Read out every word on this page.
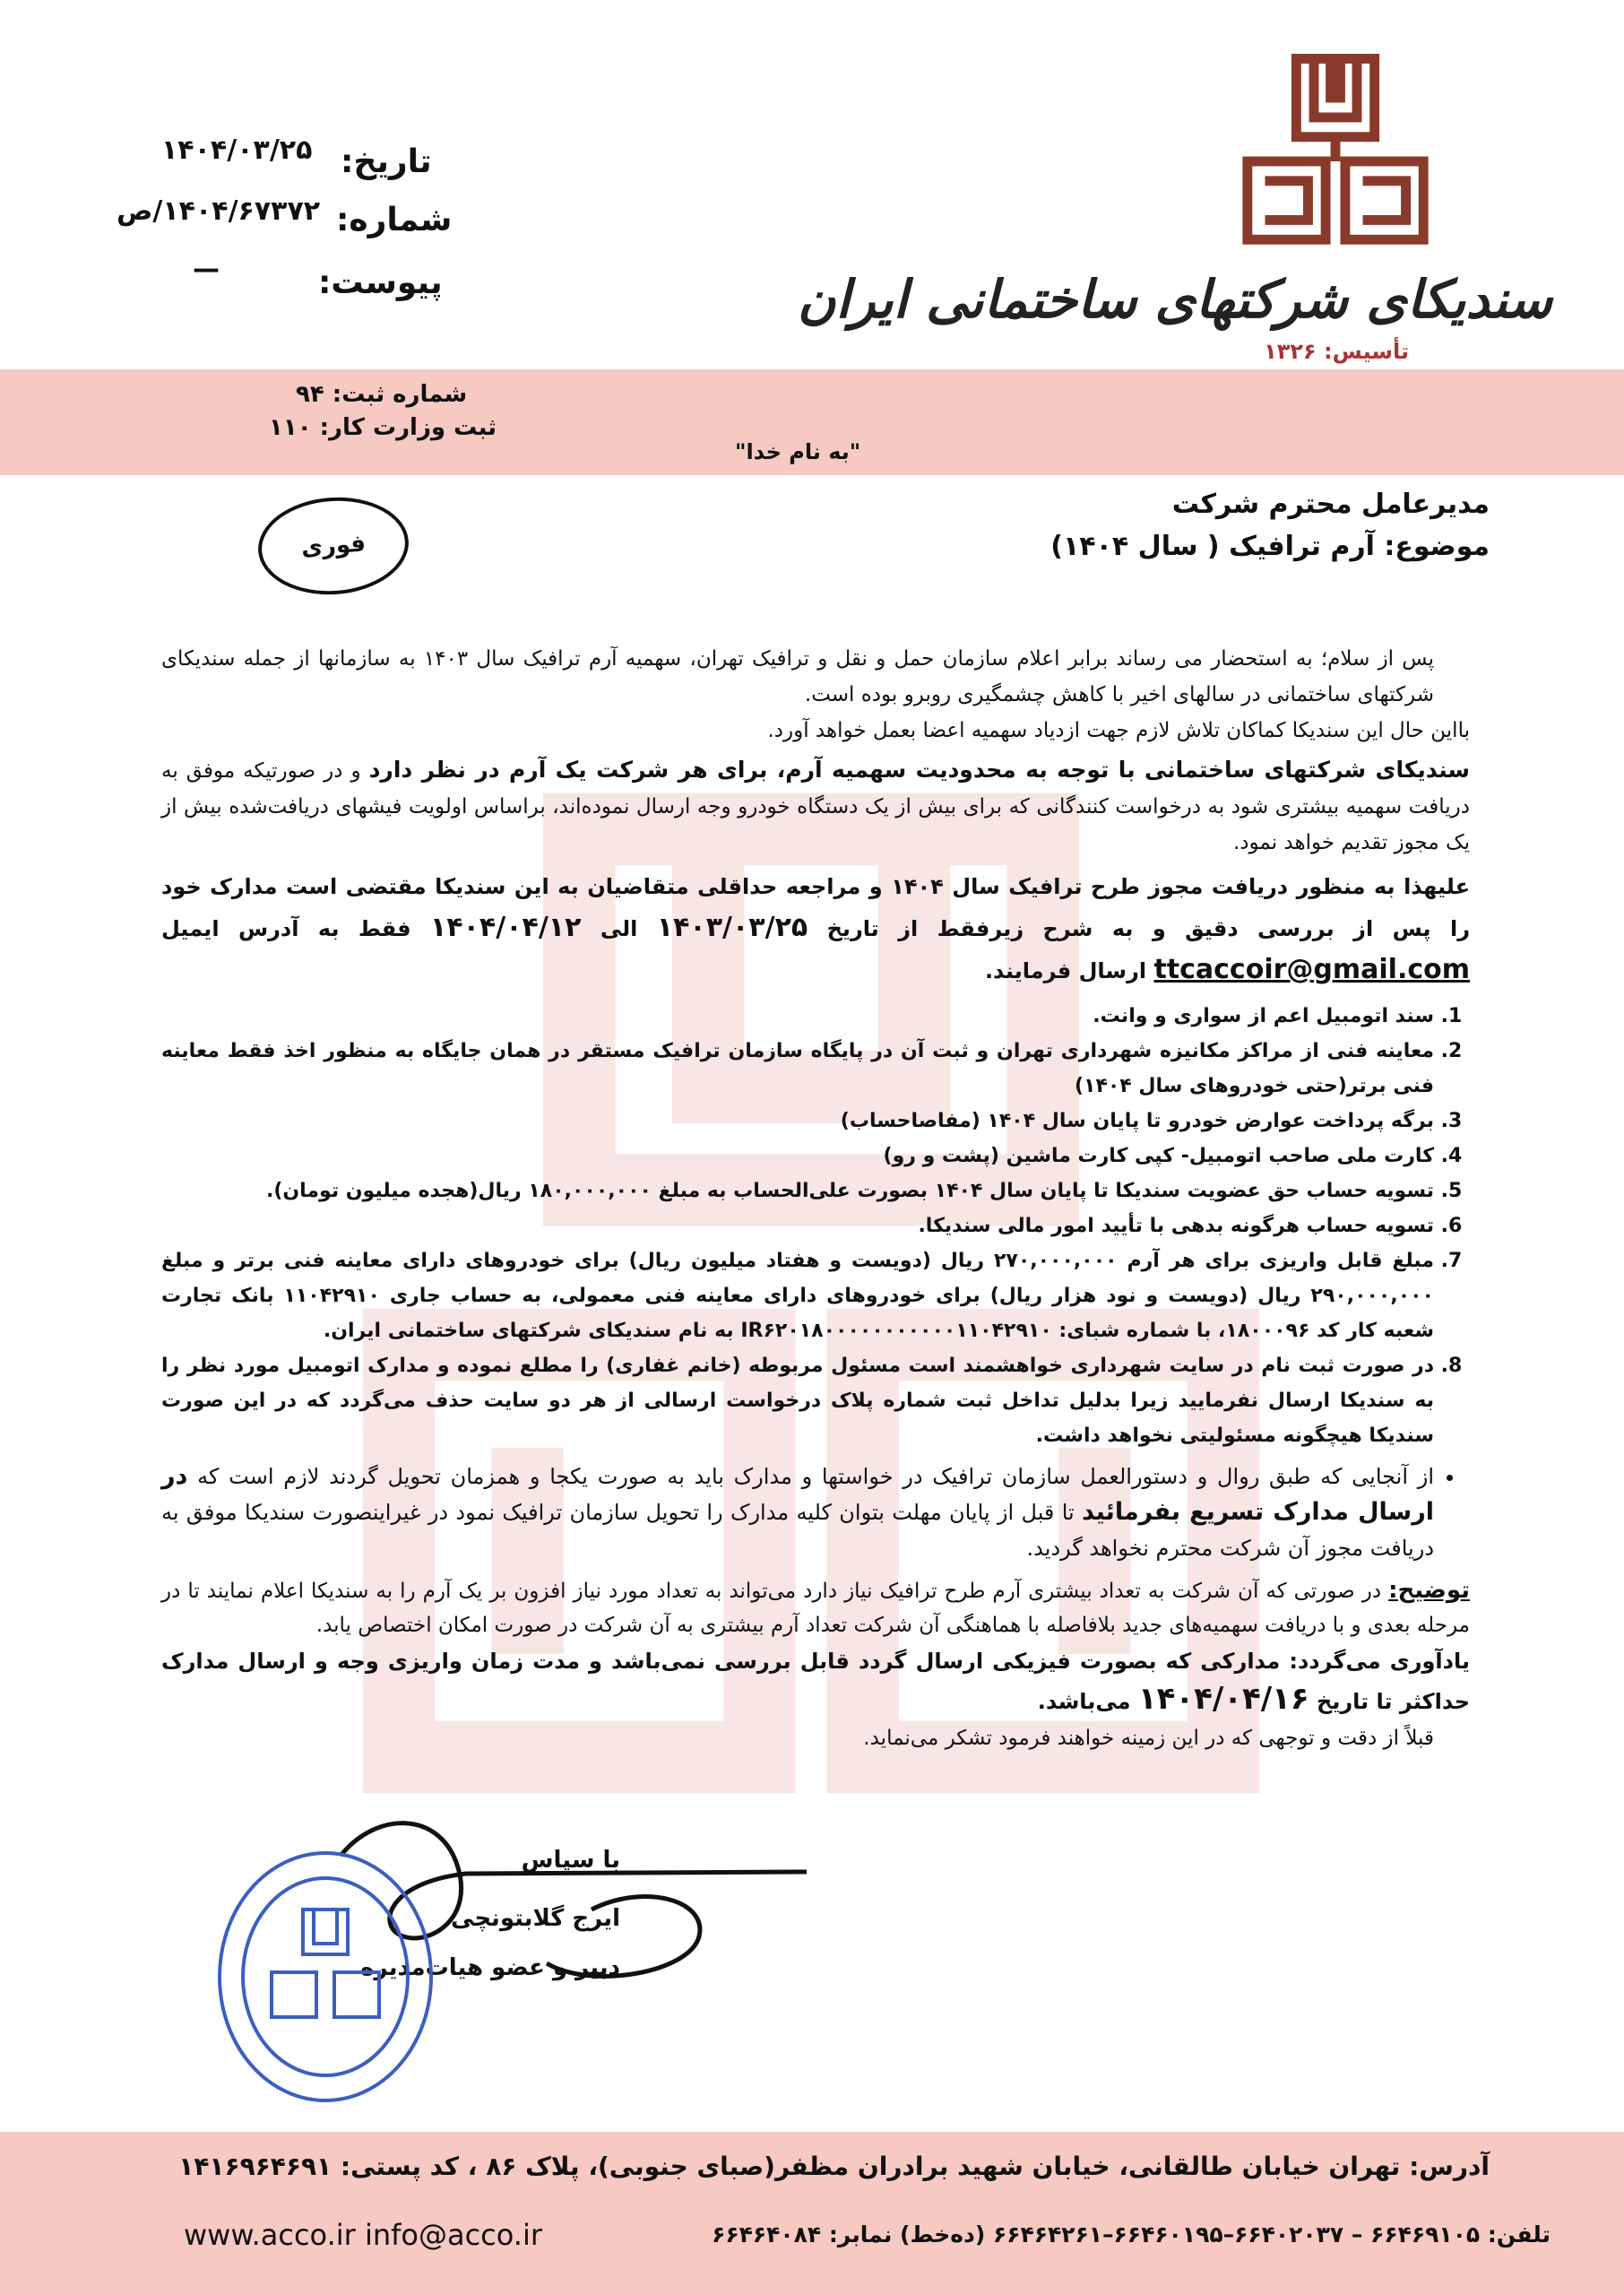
سندیکای شرکتهای ساختمانی ایران
تأسیس: ۱۳۲۶
تاریخ:
۱۴۰۴/۰۳/۲۵
شماره:
۱۴۰۴/۶۷۳۷۲/ص
پیوست:
—
شماره ثبت: ۹۴
ثبت وزارت کار: ۱۱۰
"به نام خدا"
فوری
مدیرعامل محترم شرکت
موضوع: آرم ترافیک ( سال ۱۴۰۴)

پس از سلام؛ به استحضار می رساند برابر اعلام سازمان حمل و نقل و ترافیک تهران، سهمیه آرم ترافیک سال ۱۴۰۳ به سازمانها از جمله سندیکای شرکتهای ساختمانی در سالهای اخیر با کاهش چشمگیری روبرو بوده است.

بااین حال این سندیکا کماکان تلاش لازم جهت ازدیاد سهمیه اعضا بعمل خواهد آورد.

سندیکای شرکتهای ساختمانی با توجه به محدودیت سهمیه آرم، برای هر شرکت یک آرم در نظر دارد و در صورتیکه موفق به دریافت سهمیه بیشتری شود به درخواست کنندگانی که برای بیش از یک دستگاه خودرو وجه ارسال نموده‌اند، براساس اولویت فیشهای دریافت‌شده بیش از یک مجوز تقدیم خواهد نمود.

علیهذا به منظور دریافت مجوز طرح ترافیک سال ۱۴۰۴ و مراجعه حداقلی متقاضیان به این سندیکا مقتضی است مدارک خود را پس از بررسی دقیق و به شرح زیرفقط از تاریخ ۱۴۰۳/۰۳/۲۵ الی ۱۴۰۴/۰۴/۱۲ فقط به آدرس ایمیل ttcaccoir@gmail.com ارسال فرمایند.

1. سند اتومبیل اعم از سواری و وانت.
2. معاینه فنی از مراکز مکانیزه شهرداری تهران و ثبت آن در پایگاه سازمان ترافیک مستقر در همان جایگاه به منظور اخذ فقط معاینه فنی برتر(حتی خودروهای سال ۱۴۰۴)
3. برگه پرداخت عوارض خودرو تا پایان سال ۱۴۰۴ (مفاصاحساب)
4. کارت ملی صاحب اتومبیل- کپی کارت ماشین (پشت و رو)
5. تسویه حساب حق عضویت سندیکا تا پایان سال ۱۴۰۴ بصورت علی‌الحساب به مبلغ ۱۸۰,۰۰۰,۰۰۰ ریال(هجده میلیون تومان).
6. تسویه حساب هرگونه بدهی با تأیید امور مالی سندیکا.
7. مبلغ قابل واریزی برای هر آرم ۲۷۰,۰۰۰,۰۰۰ ریال (دویست و هفتاد میلیون ریال) برای خودروهای دارای معاینه فنی برتر و مبلغ ۲۹۰,۰۰۰,۰۰۰ ریال (دویست و نود هزار ریال) برای خودروهای دارای معاینه فنی معمولی، به حساب جاری ۱۱۰۴۲۹۱۰ بانک تجارت شعبه کار کد ۱۸۰۰۰۹۶، با شماره شبای: IR۶۲۰۱۸۰۰۰۰۰۰۰۰۰۰۰۱۱۰۴۲۹۱۰ به نام سندیکای شرکتهای ساختمانی ایران.
8. در صورت ثبت نام در سایت شهرداری خواهشمند است مسئول مربوطه (خانم غفاری) را مطلع نموده و مدارک اتومبیل مورد نظر را به سندیکا ارسال نفرمایید زیرا بدلیل تداخل ثبت شماره پلاک درخواست ارسالی از هر دو سایت حذف می‌گردد که در این صورت سندیکا هیچگونه مسئولیتی نخواهد داشت.
• از آنجایی که طبق روال و دستورالعمل سازمان ترافیک در خواستها و مدارک باید به صورت یکجا و همزمان تحویل گردند لازم است که در ارسال مدارک تسریع بفرمائید تا قبل از پایان مهلت بتوان کلیه مدارک را تحویل سازمان ترافیک نمود در غیراینصورت سندیکا موفق به دریافت مجوز آن شرکت محترم نخواهد گردید.

توضیح: در صورتی که آن شرکت به تعداد بیشتری آرم طرح ترافیک نیاز دارد می‌تواند به تعداد مورد نیاز افزون بر یک آرم را به سندیکا اعلام نمایند تا در مرحله بعدی و با دریافت سهمیه‌های جدید بلافاصله با هماهنگی آن شرکت تعداد آرم بیشتری به آن شرکت در صورت امکان اختصاص یابد.

یادآوری می‌گردد: مدارکی که بصورت فیزیکی ارسال گردد قابل بررسی نمی‌باشد و مدت زمان واریزی وجه و ارسال مدارک حداکثر تا تاریخ ۱۴۰۴/۰۴/۱۶ می‌باشد.

قبلاً از دقت و توجهی که در این زمینه خواهند فرمود تشکر می‌نماید.

با سپاس
ایرج گلابتونچی
دبیر و عضو هیات‌مدیره
آدرس: تهران خیابان طالقانی، خیابان شهید برادران مظفر(صبای جنوبی)، پلاک ۸۶ ، کد پستی: ۱۴۱۶۹۶۴۶۹۱
تلفن: ۶۶۴۶۹۱۰۵ – ۶۶۴۰۲۰۳۷–۶۶۴۶۰۱۹۵–۶۶۴۶۴۲۶۱ (ده‌خط) نمابر: ۶۶۴۶۴۰۸۴
www.acco.ir info@acco.ir
